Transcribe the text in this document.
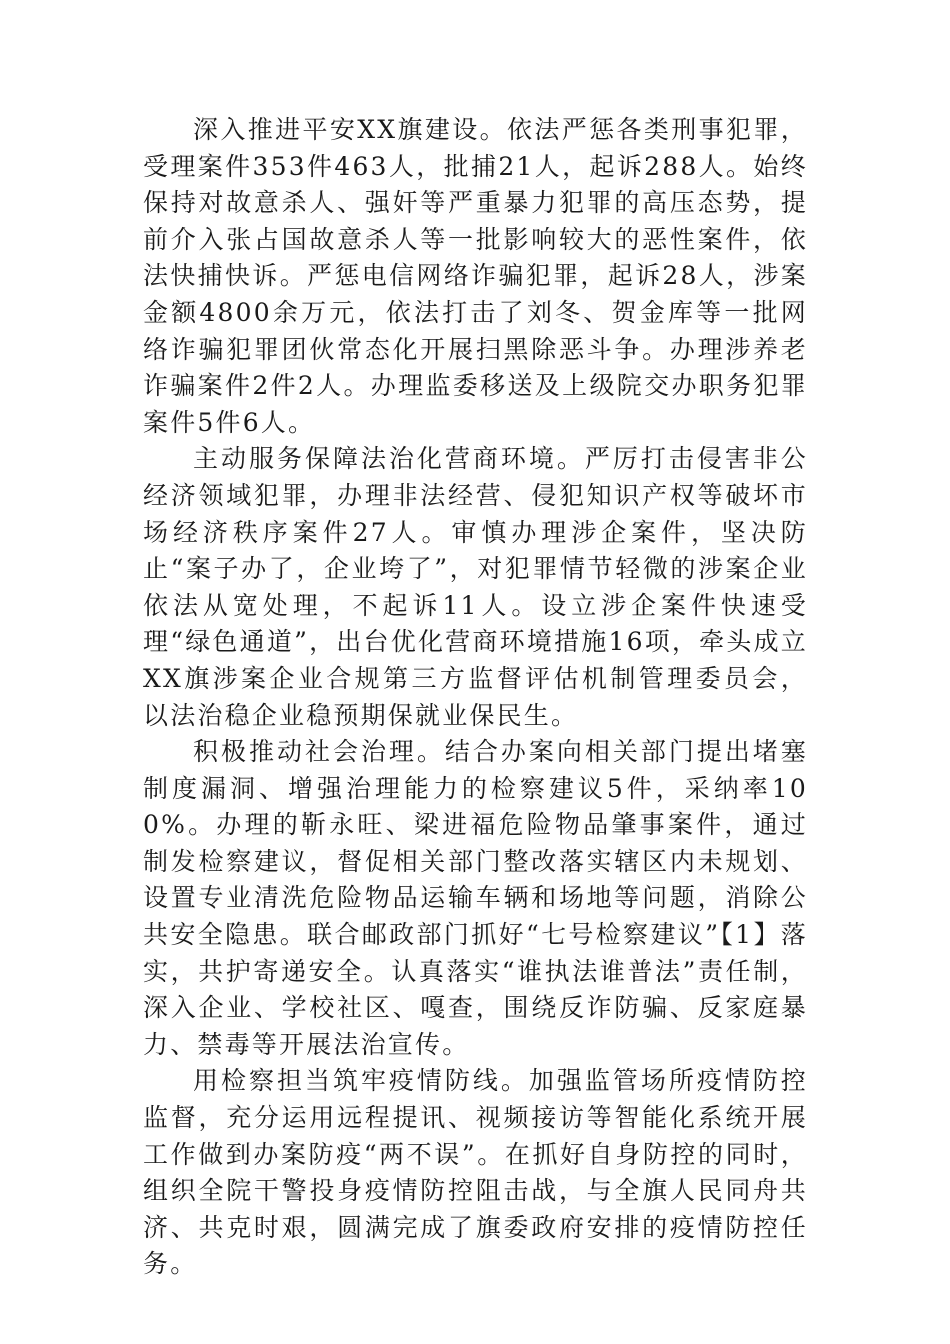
深入推进平安XX旗建设。依法严惩各类刑事犯罪，受理案件353件463人，批捕21人，起诉288人。始终保持对故意杀人、强奸等严重暴力犯罪的高压态势，提前介入张占国故意杀人等一批影响较大的恶性案件，依法快捕快诉。严惩电信网络诈骗犯罪，起诉28人，涉案金额4800余万元，依法打击了刘冬、贺金库等一批网络诈骗犯罪团伙常态化开展扫黑除恶斗争。办理涉养老诈骗案件2件2人。办理监委移送及上级院交办职务犯罪案件5件6人。

主动服务保障法治化营商环境。严厉打击侵害非公经济领域犯罪，办理非法经营、侵犯知识产权等破坏市场经济秩序案件27人。审慎办理涉企案件，坚决防止“案子办了，企业垮了”，对犯罪情节轻微的涉案企业依法从宽处理，不起诉11人。设立涉企案件快速受理“绿色通道”，出台优化营商环境措施16项，牵头成立XX旗涉案企业合规第三方监督评估机制管理委员会，以法治稳企业稳预期保就业保民生。

积极推动社会治理。结合办案向相关部门提出堵塞制度漏洞、增强治理能力的检察建议5件，采纳率100%。办理的靳永旺、梁进福危险物品肇事案件，通过制发检察建议，督促相关部门整改落实辖区内未规划、设置专业清洗危险物品运输车辆和场地等问题，消除公共安全隐患。联合邮政部门抓好“七号检察建议”【1】落实，共护寄递安全。认真落实“谁执法谁普法”责任制，深入企业、学校社区、嘎查，围绕反诈防骗、反家庭暴力、禁毒等开展法治宣传。

用检察担当筑牢疫情防线。加强监管场所疫情防控监督，充分运用远程提讯、视频接访等智能化系统开展工作做到办案防疫“两不误”。在抓好自身防控的同时，组织全院干警投身疫情防控阻击战，与全旗人民同舟共济、共克时艰，圆满完成了旗委政府安排的疫情防控任务。
